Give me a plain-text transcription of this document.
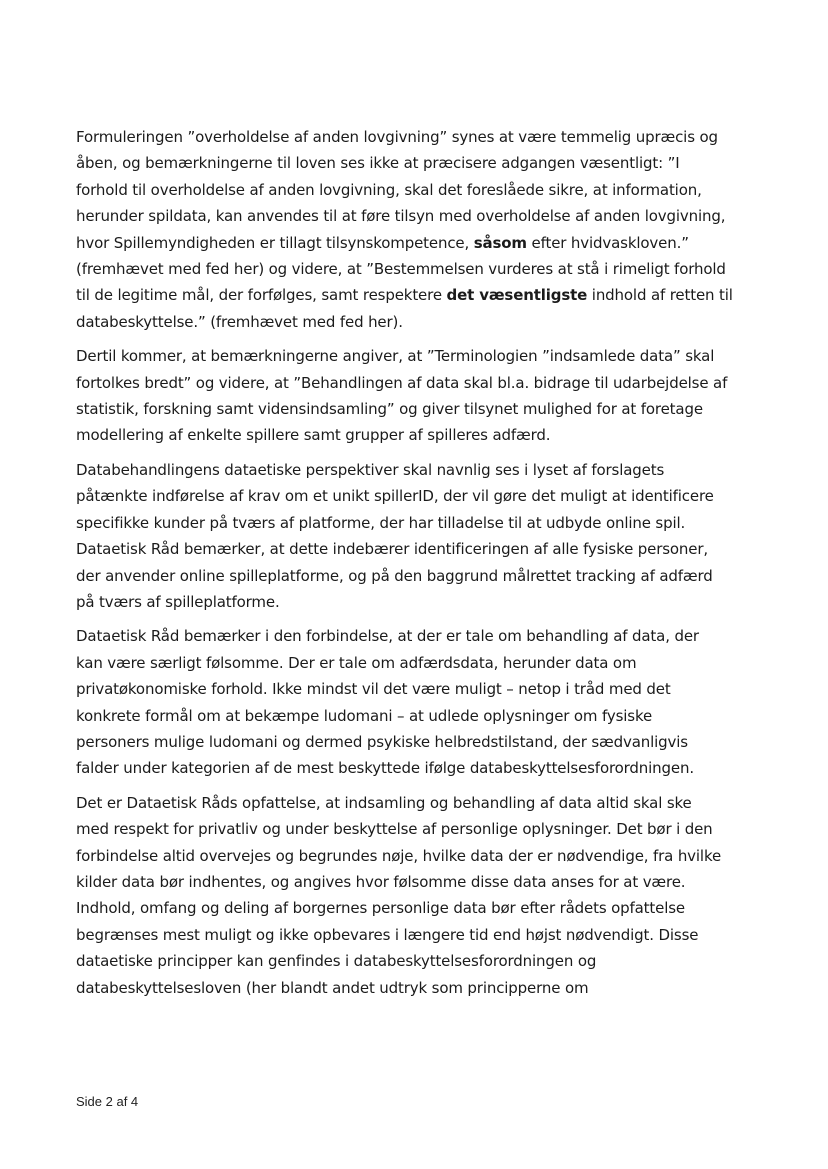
Formuleringen ”overholdelse af anden lovgivning” synes at være temmelig upræcis og
åben, og bemærkningerne til loven ses ikke at præcisere adgangen væsentligt: ”I
forhold til overholdelse af anden lovgivning, skal det foreslåede sikre, at information,
herunder spildata, kan anvendes til at føre tilsyn med overholdelse af anden lovgivning,
hvor Spillemyndigheden er tillagt tilsynskompetence, såsom efter hvidvaskloven.”
(fremhævet med fed her) og videre, at ”Bestemmelsen vurderes at stå i rimeligt forhold
til de legitime mål, der forfølges, samt respektere det væsentligste indhold af retten til
databeskyttelse.” (fremhævet med fed her).

Dertil kommer, at bemærkningerne angiver, at ”Terminologien ”indsamlede data” skal
fortolkes bredt” og videre, at ”Behandlingen af data skal bl.a. bidrage til udarbejdelse af
statistik, forskning samt vidensindsamling” og giver tilsynet mulighed for at foretage
modellering af enkelte spillere samt grupper af spilleres adfærd.

Databehandlingens dataetiske perspektiver skal navnlig ses i lyset af forslagets
påtænkte indførelse af krav om et unikt spillerID, der vil gøre det muligt at identificere
specifikke kunder på tværs af platforme, der har tilladelse til at udbyde online spil.
Dataetisk Råd bemærker, at dette indebærer identificeringen af alle fysiske personer,
der anvender online spilleplatforme, og på den baggrund målrettet tracking af adfærd
på tværs af spilleplatforme.

Dataetisk Råd bemærker i den forbindelse, at der er tale om behandling af data, der
kan være særligt følsomme. Der er tale om adfærdsdata, herunder data om
privatøkonomiske forhold. Ikke mindst vil det være muligt – netop i tråd med det
konkrete formål om at bekæmpe ludomani – at udlede oplysninger om fysiske
personers mulige ludomani og dermed psykiske helbredstilstand, der sædvanligvis
falder under kategorien af de mest beskyttede ifølge databeskyttelsesforordningen.

Det er Dataetisk Råds opfattelse, at indsamling og behandling af data altid skal ske
med respekt for privatliv og under beskyttelse af personlige oplysninger. Det bør i den
forbindelse altid overvejes og begrundes nøje, hvilke data der er nødvendige, fra hvilke
kilder data bør indhentes, og angives hvor følsomme disse data anses for at være.
Indhold, omfang og deling af borgernes personlige data bør efter rådets opfattelse
begrænses mest muligt og ikke opbevares i længere tid end højst nødvendigt. Disse
dataetiske principper kan genfindes i databeskyttelsesforordningen og
databeskyttelsesloven (her blandt andet udtryk som principperne om

Side 2 af 4
